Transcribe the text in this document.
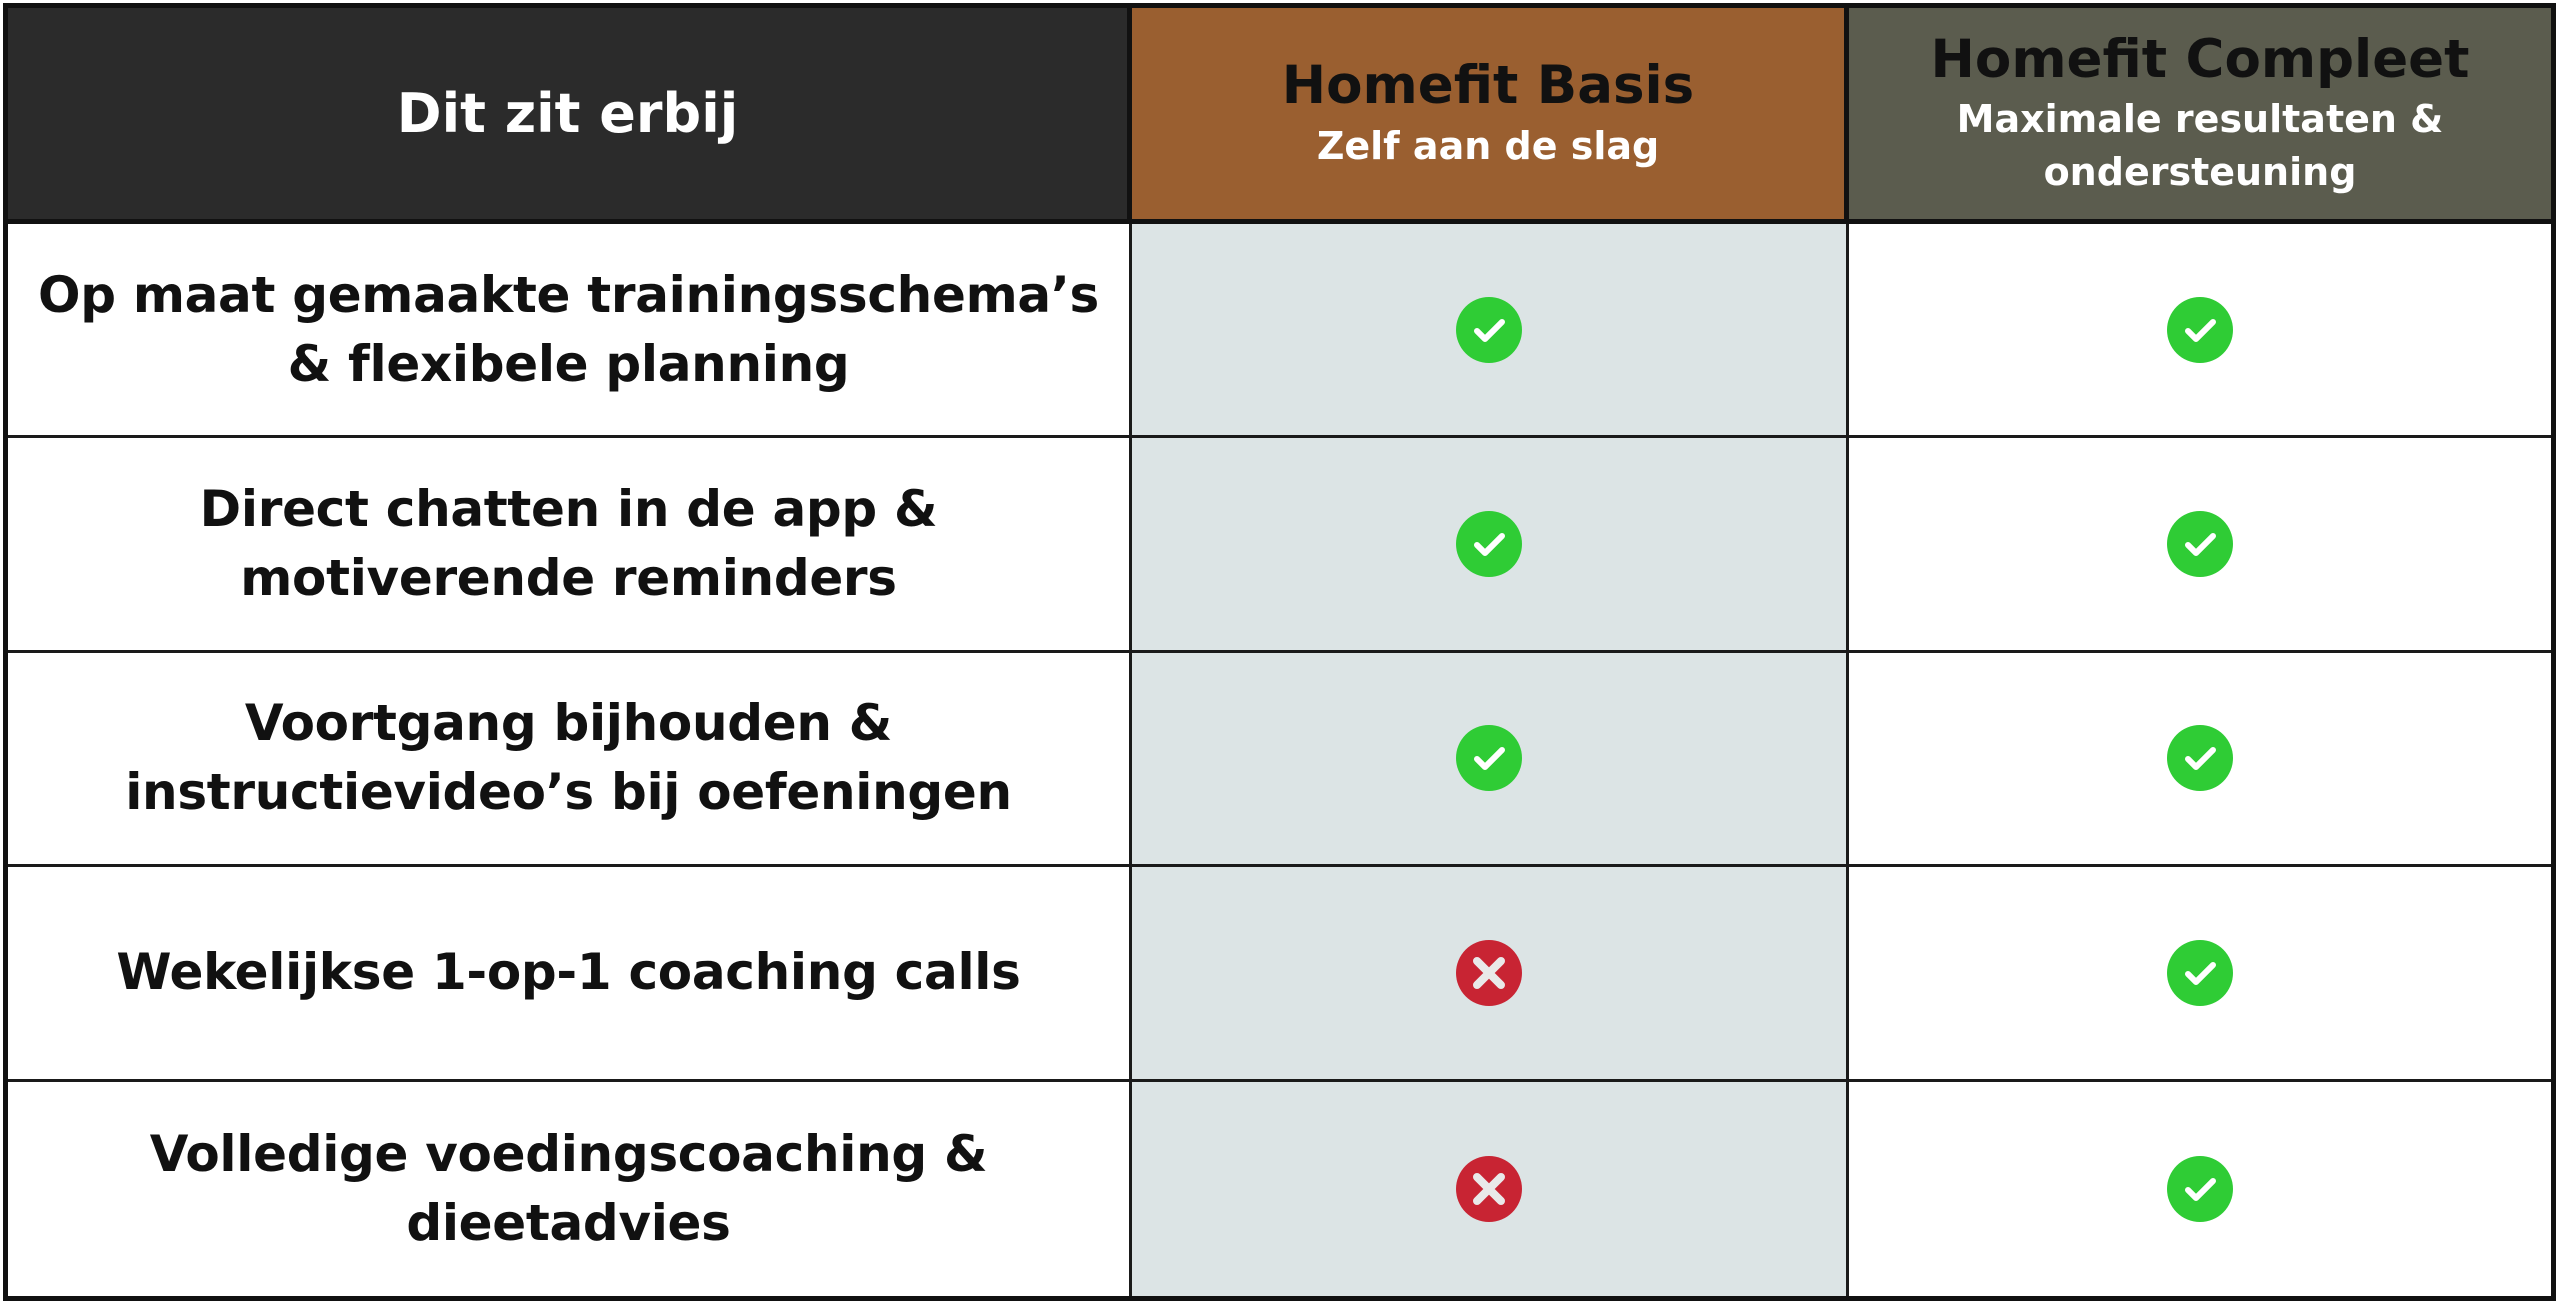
Dit zit erbij	Homefit Basis
Zelf aan de slag
Homefit Compleet
Maximale resultaten & ondersteuning
Op maat gemaakte trainingsschema’s & flexibele planning
Direct chatten in de app & motiverende reminders
Voortgang bijhouden & instructievideo’s bij oefeningen
Wekelijkse 1-op-1 coaching calls
Volledige voedingscoaching & dieetadvies
